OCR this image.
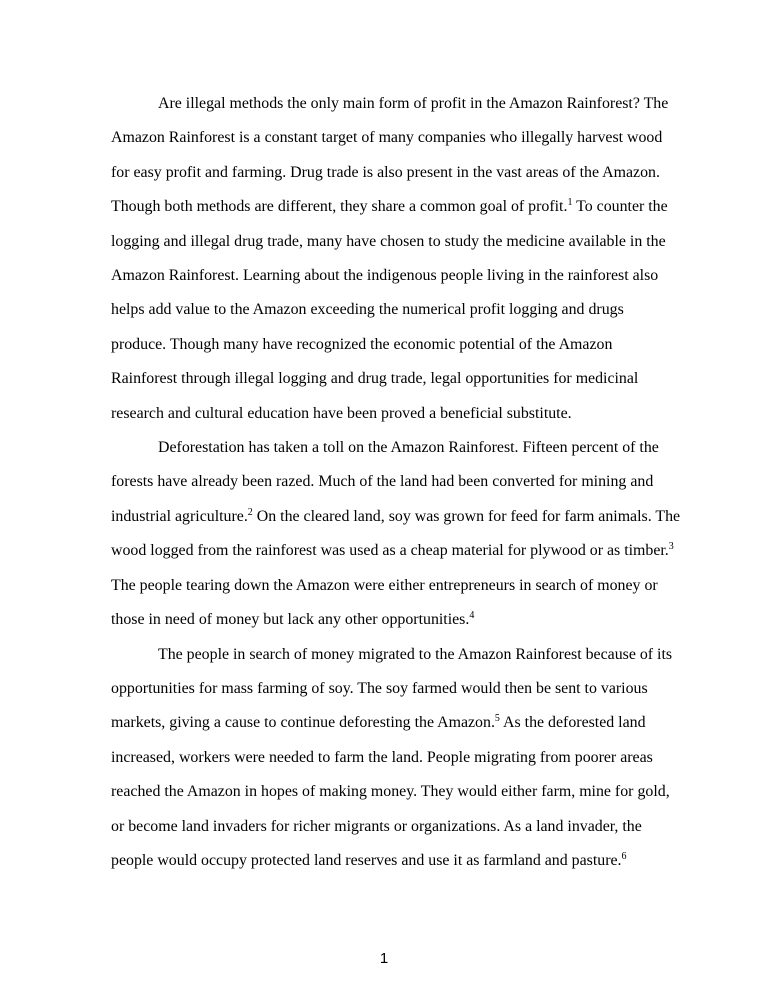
Are illegal methods the only main form of profit in the Amazon Rainforest? The Amazon Rainforest is a constant target of many companies who illegally harvest wood for easy profit and farming. Drug trade is also present in the vast areas of the Amazon. Though both methods are different, they share a common goal of profit.$^1$ To counter the logging and illegal drug trade, many have chosen to study the medicine available in the Amazon Rainforest. Learning about the indigenous people living in the rainforest also helps add value to the Amazon exceeding the numerical profit logging and drugs produce. Though many have recognized the economic potential of the Amazon Rainforest through illegal logging and drug trade, legal opportunities for medicinal research and cultural education have been proved a beneficial substitute.

Deforestation has taken a toll on the Amazon Rainforest. Fifteen percent of the forests have already been razed. Much of the land had been converted for mining and industrial agriculture.$^2$ On the cleared land, soy was grown for feed for farm animals. The wood logged from the rainforest was used as a cheap material for plywood or as timber.$^3$ The people tearing down the Amazon were either entrepreneurs in search of money or those in need of money but lack any other opportunities.$^4$

The people in search of money migrated to the Amazon Rainforest because of its opportunities for mass farming of soy. The soy farmed would then be sent to various markets, giving a cause to continue deforesting the Amazon.$^5$ As the deforested land increased, workers were needed to farm the land. People migrating from poorer areas reached the Amazon in hopes of making money. They would either farm, mine for gold, or become land invaders for richer migrants or organizations. As a land invader, the people would occupy protected land reserves and use it as farmland and pasture.$^6$

1
